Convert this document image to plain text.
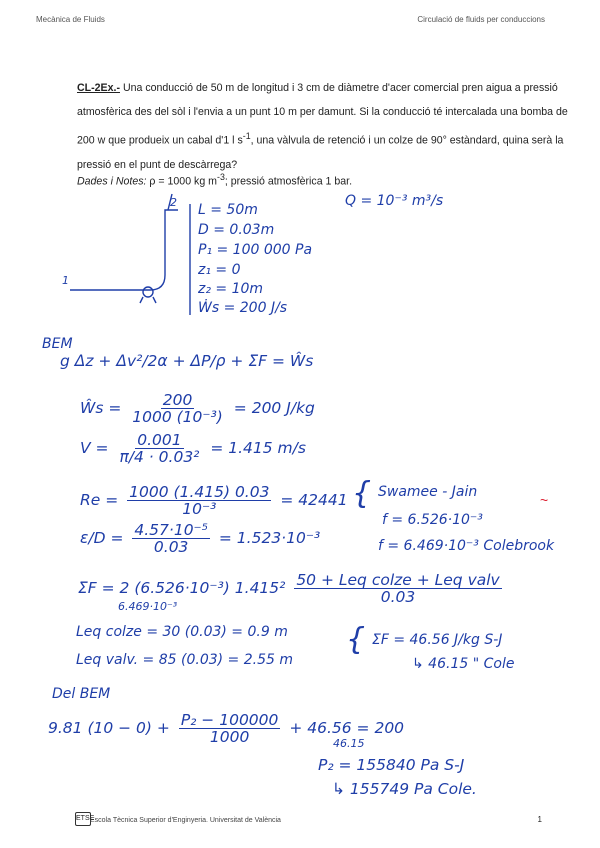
Mecànica de Fluids	Circulació de fluids per conduccions
CL-2Ex.- Una conducció de 50 m de longitud i 3 cm de diàmetre d'acer comercial pren aigua a pressió atmosfèrica des del sòl i l'envia a un punt 10 m per damunt. Si la conducció té intercalada una bomba de 200 w que produeix un cabal d'1 l $s^{-1}$, una vàlvula de retenció i un colze de 90° estàndard, quina serà la pressió en el punt de descàrrega?
Dades i Notes: ρ = 1000 kg $m^{-3}$; pressió atmosfèrica 1 bar.
1
2 L = 50m
D = 0.03m
P₁ = 100 000 Pa
z₁ = 0
z₂ = 10m
Ẇs = 200 J/s
Q = 10⁻³ m³/s
BEM
g Δz + Δv²/2α + ΔP/ρ + ΣF = Ŵs
Ŵs = $\frac{200}{\text{1000 (10⁻³)}} = 200$ J/kg
$V = \frac{0.001}{\text{π/4 · 0.03²}} = 1.415$ m/s
$Re = \frac{1000 (1.415) 0.03}{\text{10⁻³}} = 42441$
$\varepsilon/D = \frac{\text{4.57·10⁻⁵}}{0.03} = 1.523\cdot 10^{-3}$
{ Swamee - Jain
f = 6.526·10⁻³
f = 6.469·10⁻³ Colebrook
~
ΣF = 2 (6.526·10⁻³) $1.415^2 \frac{\text{50 + Leq colze + Leq valv}}{0.03}$
6.469·10⁻³
Leq colze = 30 (0.03) = 0.9 m
Leq valv. = 85 (0.03) = 2.55 m
{ ΣF = 46.56 J/kg S-J
↳ 46.15 " Cole
Del BEM
9.81 $(10 - 0) + \frac{\text{P₂ − 100000}}{1000} + 46.56 = 200$
46.15
P₂ = 155840 Pa S-J
↳ 155749 Pa Cole.
ETSE
Escola Tècnica Superior d'Enginyeria. Universitat de València	1
